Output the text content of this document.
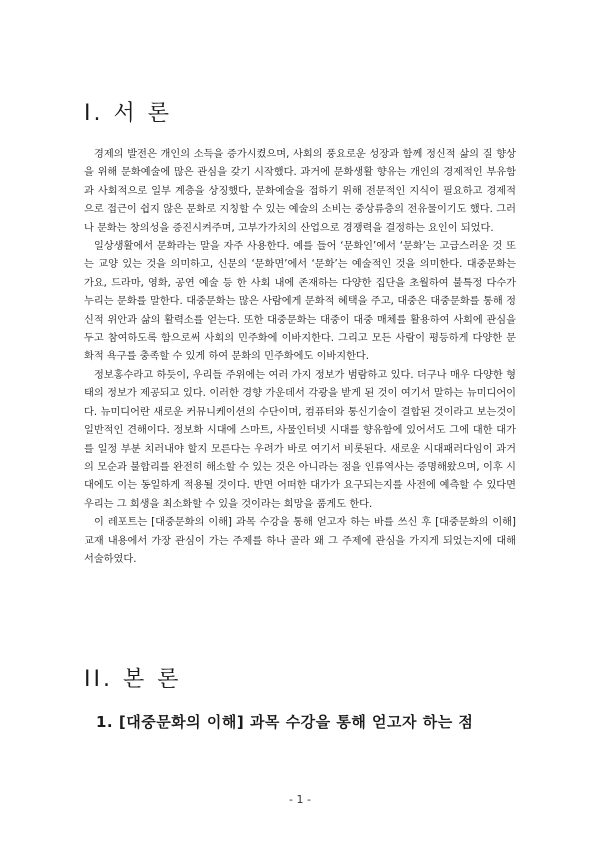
I. 서 론

경제의 발전은 개인의 소득을 증가시켰으며, 사회의 풍요로운 성장과 함께 정신적 삶의 질 향상을 위해 문화예술에 많은 관심을 갖기 시작했다. 과거에 문화생활 향유는 개인의 경제적인 부유함과 사회적으로 일부 계층을 상징했다, 문화예술을 접하기 위해 전문적인 지식이 필요하고 경제적으로 접근이 쉽지 않은 문화로 지칭할 수 있는 예술의 소비는 중상류층의 전유물이기도 했다. 그러나 문화는 창의성을 증진시켜주며, 고부가가치의 산업으로 경쟁력을 결정하는 요인이 되었다.

일상생활에서 문화라는 말을 자주 사용한다. 예를 들어 ‘문화인’에서 ‘문화’는 고급스러운 것 또는 교양 있는 것을 의미하고, 신문의 ‘문화면’에서 ‘문화’는 예술적인 것을 의미한다. 대중문화는 가요, 드라마, 영화, 공연 예술 등 한 사회 내에 존재하는 다양한 집단을 초월하여 불특정 다수가 누리는 문화를 말한다. 대중문화는 많은 사람에게 문화적 혜택을 주고, 대중은 대중문화를 통해 정신적 위안과 삶의 활력소를 얻는다. 또한 대중문화는 대중이 대중 매체를 활용하여 사회에 관심을 두고 참여하도록 함으로써 사회의 민주화에 이바지한다. 그리고 모든 사람이 평등하게 다양한 문화적 욕구를 충족할 수 있게 하여 문화의 민주화에도 이바지한다.

정보홍수라고 하듯이, 우리들 주위에는 여러 가지 정보가 범람하고 있다. 더구나 매우 다양한 형태의 정보가 제공되고 있다. 이러한 경향 가운데서 각광을 받게 된 것이 여기서 말하는 뉴미디어이다. 뉴미디어란 새로운 커뮤니케이션의 수단이며, 컴퓨터와 통신기술이 결합된 것이라고 보는것이 일반적인 견해이다. 정보화 시대에 스마트, 사물인터넷 시대를 향유함에 있어서도 그에 대한 대가를 일정 부분 치러내야 할지 모른다는 우려가 바로 여기서 비롯된다. 새로운 시대패러다임이 과거의 모순과 불합리를 완전히 해소할 수 있는 것은 아니라는 점을 인류역사는 증명해왔으며, 이후 시대에도 이는 동일하게 적용될 것이다. 반면 어떠한 대가가 요구되는지를 사전에 예측할 수 있다면 우리는 그 희생을 최소화할 수 있을 것이라는 희망을 품게도 한다.

이 레포트는 [대중문화의 이해] 과목 수강을 통해 얻고자 하는 바를 쓰신 후 [대중문화의 이해] 교재 내용에서 가장 관심이 가는 주제를 하나 골라 왜 그 주제에 관심을 가지게 되었는지에 대해 서술하였다.

II. 본 론
1. [대중문화의 이해] 과목 수강을 통해 얻고자 하는 점
- 1 -
